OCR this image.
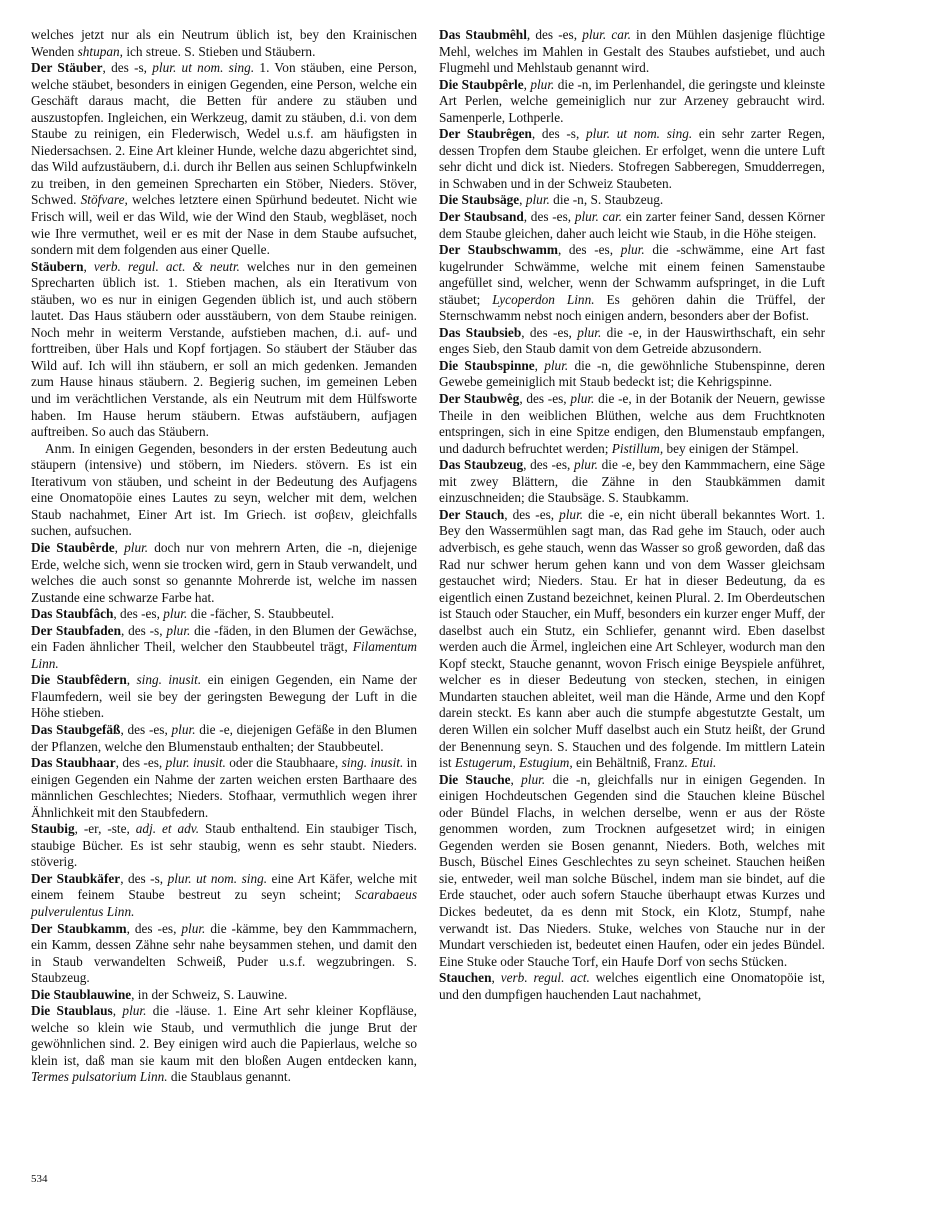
welches jetzt nur als ein Neutrum üblich ist, bey den Krainischen Wenden shtupan, ich streue. S. Stieben und Stäubern.

Der Stäuber, des -s, plur. ut nom. sing. 1. Von stäuben, eine Person, welche stäubet, besonders in einigen Gegenden, eine Person, welche ein Geschäft daraus macht, die Betten für andere zu stäuben und auszustopfen. Ingleichen, ein Werkzeug, damit zu stäuben, d.i. von dem Staube zu reinigen, ein Flederwisch, Wedel u.s.f. am häufigsten in Niedersachsen. 2. Eine Art kleiner Hunde, welche dazu abgerichtet sind, das Wild aufzustäubern, d.i. durch ihr Bellen aus seinen Schlupfwinkeln zu treiben, in den gemeinen Sprecharten ein Stöber, Nieders. Stöver, Schwed. Stöfvare, welches letztere einen Spürhund bedeutet. Nicht wie Frisch will, weil er das Wild, wie der Wind den Staub, wegbläset, noch wie Ihre vermuthet, weil er es mit der Nase in dem Staube aufsuchet, sondern mit dem folgenden aus einer Quelle.

Stäubern, verb. regul. act. & neutr. welches nur in den gemeinen Sprecharten üblich ist. 1. Stieben machen, als ein Iterativum von stäuben, wo es nur in einigen Gegenden üblich ist, und auch stöbern lautet. Das Haus stäubern oder ausstäubern, von dem Staube reinigen. Noch mehr in weiterm Verstande, aufstieben machen, d.i. auf- und forttreiben, über Hals und Kopf fortjagen. So stäubert der Stäuber das Wild auf. Ich will ihn stäubern, er soll an mich gedenken. Jemanden zum Hause hinaus stäubern. 2. Begierig suchen, im gemeinen Leben und im verächtlichen Verstande, als ein Neutrum mit dem Hülfsworte haben. Im Hause herum stäubern. Etwas aufstäubern, aufjagen auftreiben. So auch das Stäubern.

Anm. In einigen Gegenden, besonders in der ersten Bedeutung auch stäupern (intensive) und stöbern, im Nieders. stövern. Es ist ein Iterativum von stäuben, und scheint in der Bedeutung des Aufjagens eine Onomatopöie eines Lautes zu seyn, welcher mit dem, welchen Staub nachahmet, Einer Art ist. Im Griech. ist σοβειν, gleichfalls suchen, aufsuchen.

Die Staubêrde, plur. doch nur von mehrern Arten, die -n, diejenige Erde, welche sich, wenn sie trocken wird, gern in Staub verwandelt, und welches die auch sonst so genannte Mohrerde ist, welche im nassen Zustande eine schwarze Farbe hat.

Das Staubfâch, des -es, plur. die -fächer, S. Staubbeutel.

Der Staubfaden, des -s, plur. die -fäden, in den Blumen der Gewächse, ein Faden ähnlicher Theil, welcher den Staubbeutel trägt, Filamentum Linn.

Die Staubfêdern, sing. inusit. ein einigen Gegenden, ein Name der Flaumfedern, weil sie bey der geringsten Bewegung der Luft in die Höhe stieben.

Das Staubgefäß, des -es, plur. die -e, diejenigen Gefäße in den Blumen der Pflanzen, welche den Blumenstaub enthalten; der Staubbeutel.

Das Staubhaar, des -es, plur. inusit. oder die Staubhaare, sing. inusit. in einigen Gegenden ein Nahme der zarten weichen ersten Barthaare des männlichen Geschlechtes; Nieders. Stofhaar, vermuthlich wegen ihrer Ähnlichkeit mit den Staubfedern.

Staubig, -er, -ste, adj. et adv. Staub enthaltend. Ein staubiger Tisch, staubige Bücher. Es ist sehr staubig, wenn es sehr staubt. Nieders. stöverig.

Der Staubkäfer, des -s, plur. ut nom. sing. eine Art Käfer, welche mit einem feinem Staube bestreut zu seyn scheint; Scarabaeus pulverulentus Linn.

Der Staubkamm, des -es, plur. die -kämme, bey den Kammmachern, ein Kamm, dessen Zähne sehr nahe beysammen stehen, und damit den in Staub verwandelten Schweiß, Puder u.s.f. wegzubringen. S. Staubzeug.

Die Staublauwine, in der Schweiz, S. Lauwine.

Die Staublaus, plur. die -läuse. 1. Eine Art sehr kleiner Kopfläuse, welche so klein wie Staub, und vermuthlich die junge Brut der gewöhnlichen sind. 2. Bey einigen wird auch die Papierlaus, welche so klein ist, daß man sie kaum mit den bloßen Augen entdecken kann, Termes pulsatorium Linn. die Staublaus genannt.

Das Staubmêhl, des -es, plur. car. in den Mühlen dasjenige flüchtige Mehl, welches im Mahlen in Gestalt des Staubes aufstiebet, und auch Flugmehl und Mehlstaub genannt wird.

Die Staubpêrle, plur. die -n, im Perlenhandel, die geringste und kleinste Art Perlen, welche gemeiniglich nur zur Arzeney gebraucht wird. Samenperle, Lothperle.

Der Staubrêgen, des -s, plur. ut nom. sing. ein sehr zarter Regen, dessen Tropfen dem Staube gleichen. Er erfolget, wenn die untere Luft sehr dicht und dick ist. Nieders. Stofregen Sabberegen, Smudderregen, in Schwaben und in der Schweiz Staubeten.

Die Staubsäge, plur. die -n, S. Staubzeug.

Der Staubsand, des -es, plur. car. ein zarter feiner Sand, dessen Körner dem Staube gleichen, daher auch leicht wie Staub, in die Höhe steigen.

Der Staubschwamm, des -es, plur. die -schwämme, eine Art fast kugelrunder Schwämme, welche mit einem feinen Samenstaube angefüllet sind, welcher, wenn der Schwamm aufspringet, in die Luft stäubet; Lycoperdon Linn. Es gehören dahin die Trüffel, der Sternschwamm nebst noch einigen andern, besonders aber der Bofist.

Das Staubsieb, des -es, plur. die -e, in der Hauswirthschaft, ein sehr enges Sieb, den Staub damit von dem Getreide abzusondern.

Die Staubspinne, plur. die -n, die gewöhnliche Stubenspinne, deren Gewebe gemeiniglich mit Staub bedeckt ist; die Kehrigspinne.

Der Staubwêg, des -es, plur. die -e, in der Botanik der Neuern, gewisse Theile in den weiblichen Blüthen, welche aus dem Fruchtknoten entspringen, sich in eine Spitze endigen, den Blumenstaub empfangen, und dadurch befruchtet werden; Pistillum, bey einigen der Stämpel.

Das Staubzeug, des -es, plur. die -e, bey den Kammmachern, eine Säge mit zwey Blättern, die Zähne in den Staubkämmen damit einzuschneiden; die Staubsäge. S. Staubkamm.

Der Stauch, des -es, plur. die -e, ein nicht überall bekanntes Wort. 1. Bey den Wassermühlen sagt man, das Rad gehe im Stauch, oder auch adverbisch, es gehe stauch, wenn das Wasser so groß geworden, daß das Rad nur schwer herum gehen kann und von dem Wasser gleichsam gestauchet wird; Nieders. Stau. Er hat in dieser Bedeutung, da es eigentlich einen Zustand bezeichnet, keinen Plural. 2. Im Oberdeutschen ist Stauch oder Staucher, ein Muff, besonders ein kurzer enger Muff, der daselbst auch ein Stutz, ein Schliefer, genannt wird. Eben daselbst werden auch die Ärmel, ingleichen eine Art Schleyer, wodurch man den Kopf steckt, Stauche genannt, wovon Frisch einige Beyspiele anführet, welcher es in dieser Bedeutung von stecken, stechen, in einigen Mundarten stauchen ableitet, weil man die Hände, Arme und den Kopf darein steckt. Es kann aber auch die stumpfe abgestutzte Gestalt, um deren Willen ein solcher Muff daselbst auch ein Stutz heißt, der Grund der Benennung seyn. S. Stauchen und des folgende. Im mittlern Latein ist Estugerum, Estugium, ein Behältniß, Franz. Etui.

Die Stauche, plur. die -n, gleichfalls nur in einigen Gegenden. In einigen Hochdeutschen Gegenden sind die Stauchen kleine Büschel oder Bündel Flachs, in welchen derselbe, wenn er aus der Röste genommen worden, zum Trocknen aufgesetzet wird; in einigen Gegenden werden sie Bosen genannt, Nieders. Both, welches mit Busch, Büschel Eines Geschlechtes zu seyn scheinet. Stauchen heißen sie, entweder, weil man solche Büschel, indem man sie bindet, auf die Erde stauchet, oder auch sofern Stauche überhaupt etwas Kurzes und Dickes bedeutet, da es denn mit Stock, ein Klotz, Stumpf, nahe verwandt ist. Das Nieders. Stuke, welches von Stauche nur in der Mundart verschieden ist, bedeutet einen Haufen, oder ein jedes Bündel. Eine Stuke oder Stauche Torf, ein Haufe Dorf von sechs Stücken.

Stauchen, verb. regul. act. welches eigentlich eine Onomatopöie ist, und den dumpfigen hauchenden Laut nachahmet,

534
